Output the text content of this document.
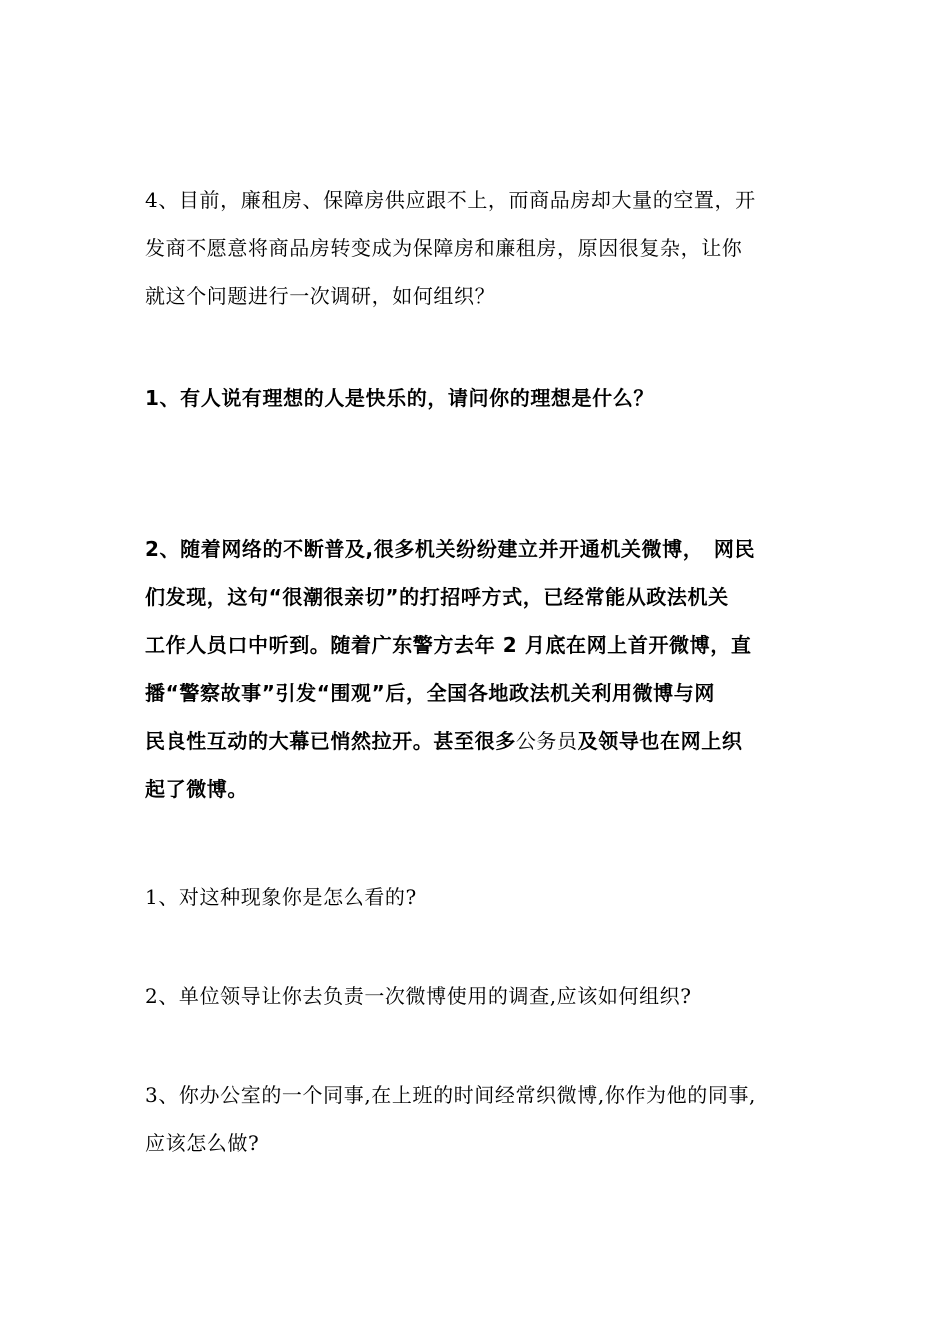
4、目前，廉租房、保障房供应跟不上，而商品房却大量的空置，开
发商不愿意将商品房转变成为保障房和廉租房，原因很复杂，让你
就这个问题进行一次调研，如何组织？
1、有人说有理想的人是快乐的，请问你的理想是什么？
2、随着网络的不断普及,很多机关纷纷建立并开通机关微博，　网民
们发现，这句“很潮很亲切”的打招呼方式，已经常能从政法机关
工作人员口中听到。随着广东警方去年 2 月底在网上首开微博，直
播“警察故事”引发“围观”后，全国各地政法机关利用微博与网
民良性互动的大幕已悄然拉开。甚至很多公务员及领导也在网上织
起了微博。
1、对这种现象你是怎么看的?
2、单位领导让你去负责一次微博使用的调查,应该如何组织?
3、你办公室的一个同事,在上班的时间经常织微博,你作为他的同事,
应该怎么做?
